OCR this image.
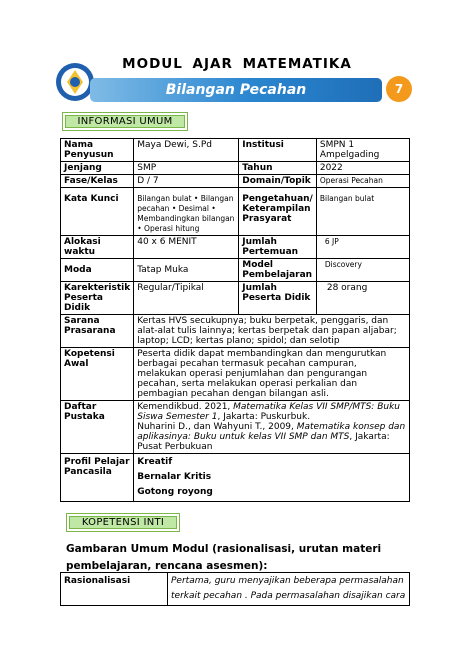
MODUL AJAR MATEMATIKA
Bilangan Pecahan	7
INFORMASI UMUM
Nama Penyusun	Maya Dewi, S.Pd	Institusi	SMPN 1 Ampelgading
Jenjang	SMP	Tahun	2022
Fase/Kelas	D / 7	Domain/Topik	Operasi Pecahan
Kata Kunci	Bilangan bulat • Bilangan pecahan • Desimal • Membandingkan bilangan • Operasi hitung	Pengetahuan/ Keterampilan Prasyarat	Bilangan bulat
Alokasi waktu	40 x 6 MENIT	Jumlah Pertemuan	6 JP
Moda	Tatap Muka	Model Pembelajaran	Discovery
Karekteristik Peserta Didik	Regular/Tipikal	Jumlah Peserta Didik	28 orang
Sarana Prasarana	Kertas HVS secukupnya; buku berpetak, penggaris, dan alat-alat tulis lainnya; kertas berpetak dan papan aljabar; laptop; LCD; kertas plano; spidol; dan selotip		
Kopetensi Awal	Peserta didik dapat membandingkan dan mengurutkan berbagai pecahan termasuk pecahan campuran, melakukan operasi penjumlahan dan pengurangan pecahan, serta melakukan operasi perkalian dan pembagian pecahan dengan bilangan asli.		
Daftar Pustaka	Kemendikbud. 2021, Matematika Kelas VII SMP/MTS: Buku Siswa Semester 1, Jakarta: Puskurbuk.
Nuharini D., dan Wahyuni T., 2009, Matematika konsep dan aplikasinya: Buku untuk kelas VII SMP dan MTS, Jakarta: Pusat Perbukuan		

Profil Pelajar Pancasila	Kreatif
Bernalar Kritis
Gotong royong		
KOPETENSI INTI
Gambaran Umum Modul (rasionalisasi, urutan materi pembelajaran, rencana asesmen):
Rasionalisasi	Pertama, guru menyajikan beberapa permasalahan terkait pecahan . Pada permasalahan disajikan cara
